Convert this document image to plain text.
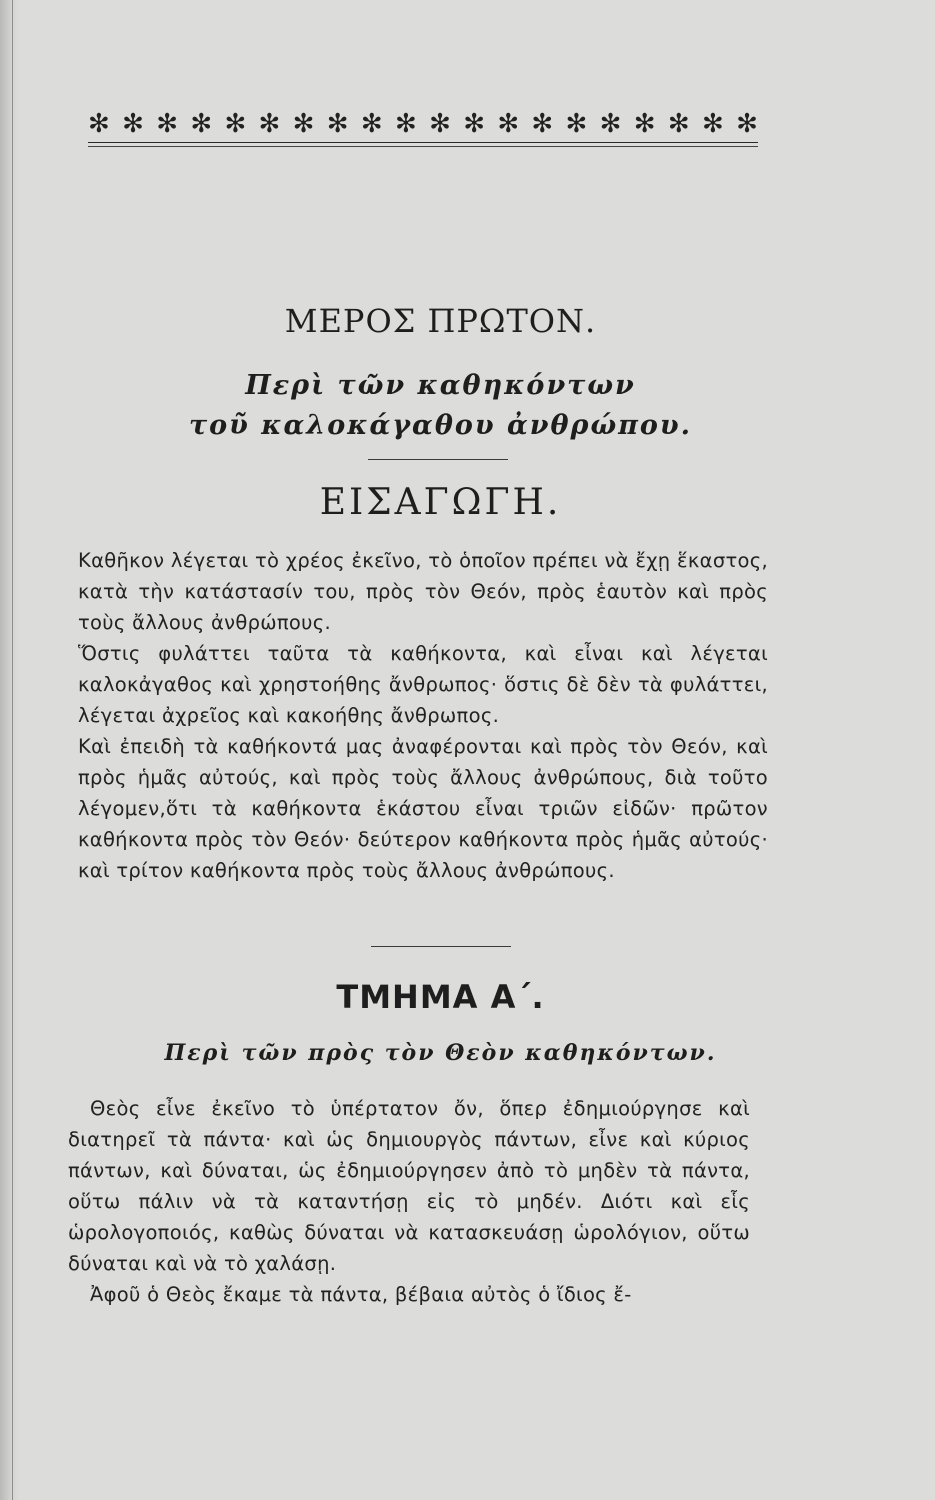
✻ ✻ ✻ ✻ ✻ ✻ ✻ ✻ ✻ ✻ ✻ ✻ ✻ ✻ ✻ ✻ ✻ ✻ ✻ ✻
ΜΕΡΟΣ ΠΡΩΤΟΝ.
Περὶ τῶν καθηκόντων
τοῦ καλοκάγαθου ἀνθρώπου.
ΕΙΣΑΓΩΓΗ.

Καθῆκον λέγεται τὸ χρέος ἐκεῖνο, τὸ ὁποῖον πρέπει νὰ ἔχῃ ἕκαστος, κατὰ τὴν κατάστασίν του, πρὸς τὸν Θεόν, πρὸς ἑαυτὸν καὶ πρὸς τοὺς ἄλλους ἀνθρώπους.

Ὅστις φυλάττει ταῦτα τὰ καθήκοντα, καὶ εἶναι καὶ λέγεται καλοκἀγαθος καὶ χρηστοήθης ἄνθρωπος· ὅστις δὲ δὲν τὰ φυλάττει, λέγεται ἀχρεῖος καὶ κακοήθης ἄνθρωπος.

Καὶ ἐπειδὴ τὰ καθήκοντά μας ἀναφέρονται καὶ πρὸς τὸν Θεόν, καὶ πρὸς ἡμᾶς αὐτούς, καὶ πρὸς τοὺς ἄλλους ἀνθρώπους, διὰ τοῦτο λέγομεν,ὅτι τὰ καθήκοντα ἑκάστου εἶναι τριῶν εἰδῶν· πρῶτον καθήκοντα πρὸς τὸν Θεόν· δεύτερον καθήκοντα πρὸς ἡμᾶς αὐτούς· καὶ τρίτον καθήκοντα πρὸς τοὺς ἄλλους ἀνθρώπους.

ΤΜΗΜΑ Α΄.
Περὶ τῶν πρὸς τὸν Θεὸν καθηκόντων.

Θεὸς εἶνε ἐκεῖνο τὸ ὑπέρτατον ὄν, ὅπερ ἐδημιούργησε καὶ διατηρεῖ τὰ πάντα· καὶ ὡς δημιουργὸς πάντων, εἶνε καὶ κύριος πάντων, καὶ δύναται, ὡς ἐδημιούργησεν ἀπὸ τὸ μηδὲν τὰ πάντα, οὕτω πάλιν νὰ τὰ καταντήσῃ εἰς τὸ μηδέν. Διότι καὶ εἷς ὡρολογοποιός, καθὼς δύναται νὰ κατασκευάσῃ ὡρολόγιον, οὕτω δύναται καὶ νὰ τὸ χαλάσῃ.

Ἀφοῦ ὁ Θεὸς ἔκαμε τὰ πάντα, βέβαια αὐτὸς ὁ ἴδιος ἔ-
